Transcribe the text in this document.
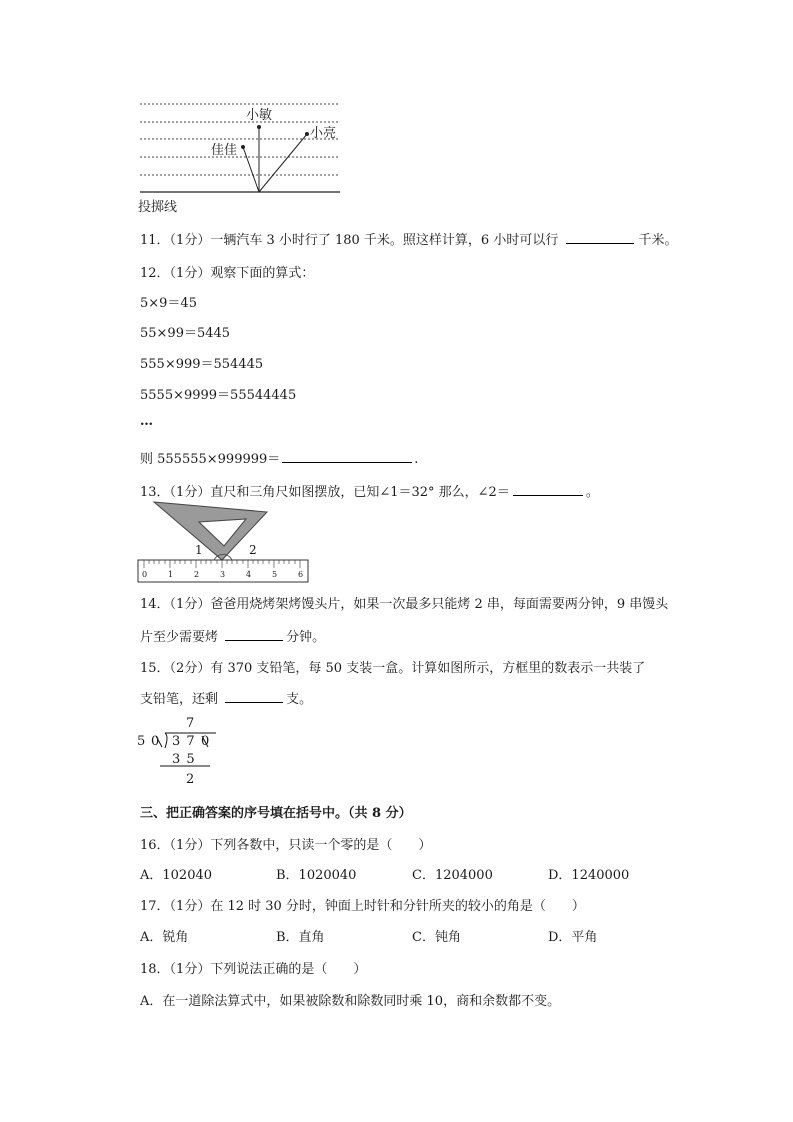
小敏
小亮
佳佳
投掷线
11．（1分）一辆汽车 3 小时行了 180 千米。照这样计算，6 小时可以行	千米。
12．（1分）观察下面的算式：
5×9＝45
55×99＝5445
555×999＝554445
5555×9999＝55544445
…
则 555555×999999＝	.
13．（1分）直尺和三角尺如图摆放，已知∠1＝32° 那么，∠2＝	。
1	2
0	1	2	3	4	5	6
14．（1分）爸爸用烧烤架烤馒头片，如果一次最多只能烤 2 串，每面需要两分钟，9 串馒头
片至少需要烤	分钟。
15．（2分）有 370 支铅笔，每 50 支装一盒。计算如图所示，方框里的数表示一共装了
支铅笔，还剩	支。
7
5 0 3 7 0
3 5
2
三、把正确答案的序号填在括号中。（共 8 分）
16．（1分）下列各数中，只读一个零的是（　　）
A．102040	B．1020040	C．1204000	D．1240000
17．（1分）在 12 时 30 分时，钟面上时针和分针所夹的较小的角是（　　）
A．锐角	B．直角	C．钝角	D．平角
18．（1分）下列说法正确的是（　　）
A．在一道除法算式中，如果被除数和除数同时乘 10，商和余数都不变。
